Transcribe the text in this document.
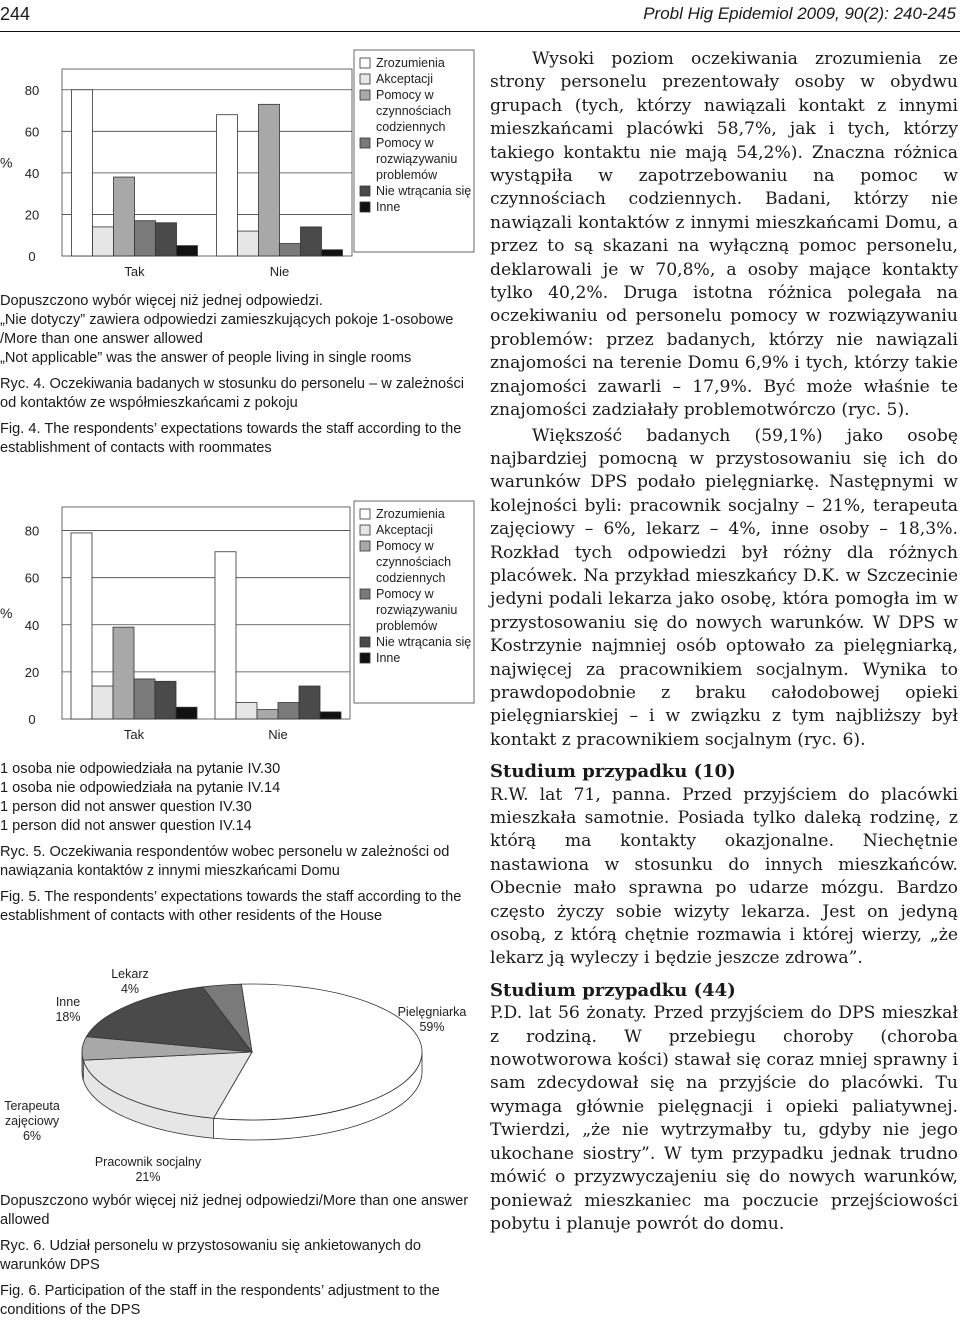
244	Probl Hig Epidemiol 2009, 90(2): 240-245
0
20
40
60
80
%
Tak	Nie
Zrozumienia
Akceptacji
Pomocy w
czynnościach
codziennych
Pomocy w
rozwiązywaniu
problemów
Nie wtrącania się
Inne

Dopuszczono wybór więcej niż jednej odpowiedzi.

„Nie dotyczy” zawiera odpowiedzi zamieszkujących pokoje 1-osobowe

/More than one answer allowed

„Not applicable” was the answer of people living in single rooms

Ryc. 4. Oczekiwania badanych w stosunku do personelu – w zależności od kontaktów ze współmieszkańcami z pokoju

Fig. 4. The respondents’ expectations towards the staff according to the establishment of contacts with roommates

0
20
40
60
80
%
Tak	Nie
Zrozumienia
Akceptacji
Pomocy w
czynnościach
codziennych
Pomocy w
rozwiązywaniu
problemów
Nie wtrącania się
Inne

1 osoba nie odpowiedziała na pytanie IV.30

1 osoba nie odpowiedziała na pytanie IV.14

1 person did not answer question IV.30

1 person did not answer question IV.14

Ryc. 5. Oczekiwania respondentów wobec personelu w zależności od nawiązania kontaktów z innymi mieszkańcami Domu

Fig. 5. The respondents’ expectations towards the staff according to the establishment of contacts with other residents of the House

Pielęgniarka
59%
Pracownik socjalny
21%
Terapeuta
zajęciowy
6%
Inne
18%
Lekarz
4%

Dopuszczono wybór więcej niż jednej odpowiedzi/More than one answer allowed

Ryc. 6. Udział personelu w przystosowaniu się ankietowanych do warunków DPS

Fig. 6. Participation of the staff in the respondents’ adjustment to the conditions of the DPS

Wysoki poziom oczekiwania zrozumienia ze strony personelu prezentowały osoby w obydwu grupach (tych, którzy nawiązali kontakt z innymi mieszkańcami placówki 58,7%, jak i tych, którzy takiego kontaktu nie mają 54,2%). Znaczna różnica wystąpiła w zapotrzebowaniu na pomoc w czynnościach codziennych. Badani, którzy nie nawiązali kontaktów z innymi mieszkańcami Domu, a przez to są skazani na wyłączną pomoc personelu, deklarowali je w 70,8%, a osoby mające kontakty tylko 40,2%. Druga istotna różnica polegała na oczekiwaniu od personelu pomocy w rozwiązywaniu problemów: przez badanych, którzy nie nawiązali znajomości na terenie Domu 6,9% i tych, którzy takie znajomości zawarli – 17,9%. Być może właśnie te znajomości zadziałały problemotwórczo (ryc. 5).

Większość badanych (59,1%) jako osobę najbardziej pomocną w przystosowaniu się ich do warunków DPS podało pielęgniarkę. Następnymi w kolejności byli: pracownik socjalny – 21%, terapeuta zajęciowy – 6%, lekarz – 4%, inne osoby – 18,3%. Rozkład tych odpowiedzi był różny dla różnych placówek. Na przykład mieszkańcy D.K. w Szczecinie jedyni podali lekarza jako osobę, która pomogła im w przystosowaniu się do nowych warunków. W DPS w Kostrzynie najmniej osób optowało za pielęgniarką, najwięcej za pracownikiem socjalnym. Wynika to prawdopodobnie z braku całodobowej opieki pielęgniarskiej – i w związku z tym najbliższy był kontakt z pracownikiem socjalnym (ryc. 6).

Studium przypadku (10)

R.W. lat 71, panna. Przed przyjściem do placówki mieszkała samotnie. Posiada tylko daleką rodzinę, z którą ma kontakty okazjonalne. Niechętnie nastawiona w stosunku do innych mieszkańców. Obecnie mało sprawna po udarze mózgu. Bardzo często życzy sobie wizyty lekarza. Jest on jedyną osobą, z którą chętnie rozmawia i której wierzy, „że lekarz ją wyleczy i będzie jeszcze zdrowa”.

Studium przypadku (44)

P.D. lat 56 żonaty. Przed przyjściem do DPS mieszkał z rodziną. W przebiegu choroby (choroba nowotworowa kości) stawał się coraz mniej sprawny i sam zdecydował się na przyjście do placówki. Tu wymaga głównie pielęgnacji i opieki paliatywnej. Twierdzi, „że nie wytrzymałby tu, gdyby nie jego ukochane siostry”. W tym przypadku jednak trudno mówić o przyzwyczajeniu się do nowych warunków, ponieważ mieszkaniec ma poczucie przejściowości pobytu i planuje powrót do domu.
